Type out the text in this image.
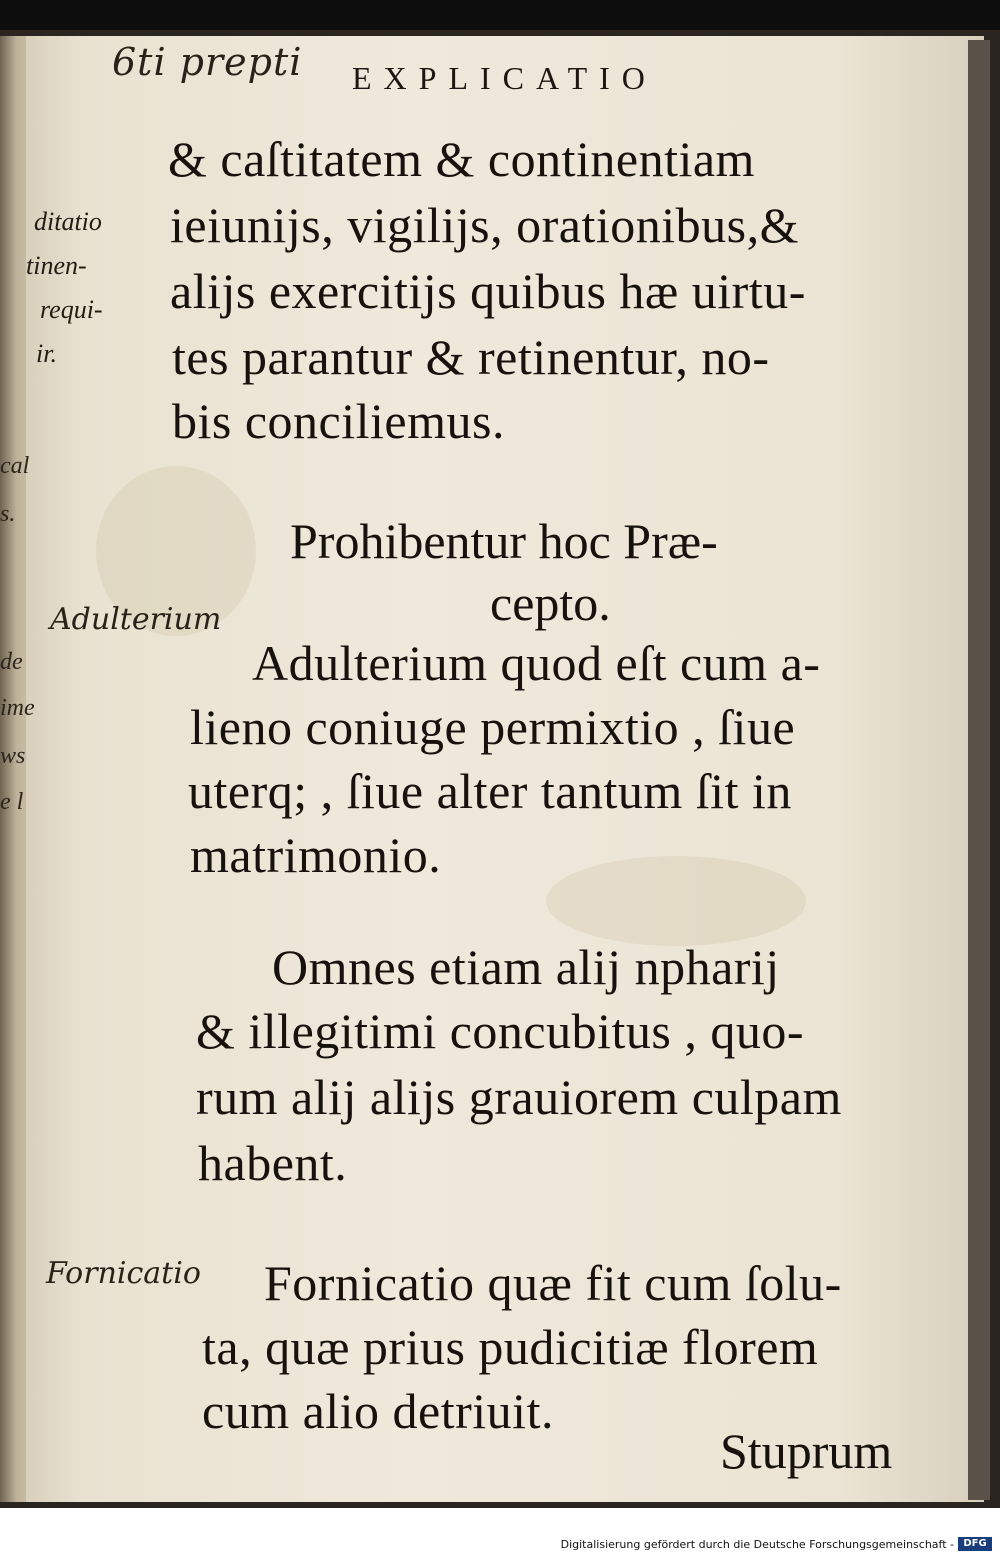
6ti prepti EXPLICATIO
ditatio
tinen-
requi-
ir.
cal
s.
de
ime
ws
e l
Adulterium
Fornicatio
& caſtitatem & continentiam
ieiunijs, vigilijs, orationibus,&
alijs exercitijs quibus hæ uirtu-
tes parantur & retinentur, no-
bis conciliemus.
Prohibentur hoc Præ-
cepto.
Adulterium quod eſt cum a-
lieno coniuge permixtio , ſiue
uterq; , ſiue alter tantum ſit in
matrimonio.
Omnes etiam alij npharij
& illegitimi concubitus , quo-
rum alij alijs grauiorem culpam
habent.
Fornicatio quæ fit cum ſolu-
ta, quæ prius pudicitiæ florem
cum alio detriuit.
Stuprum
Digitalisierung gefördert durch die Deutsche Forschungsgemeinschaft - DFG
